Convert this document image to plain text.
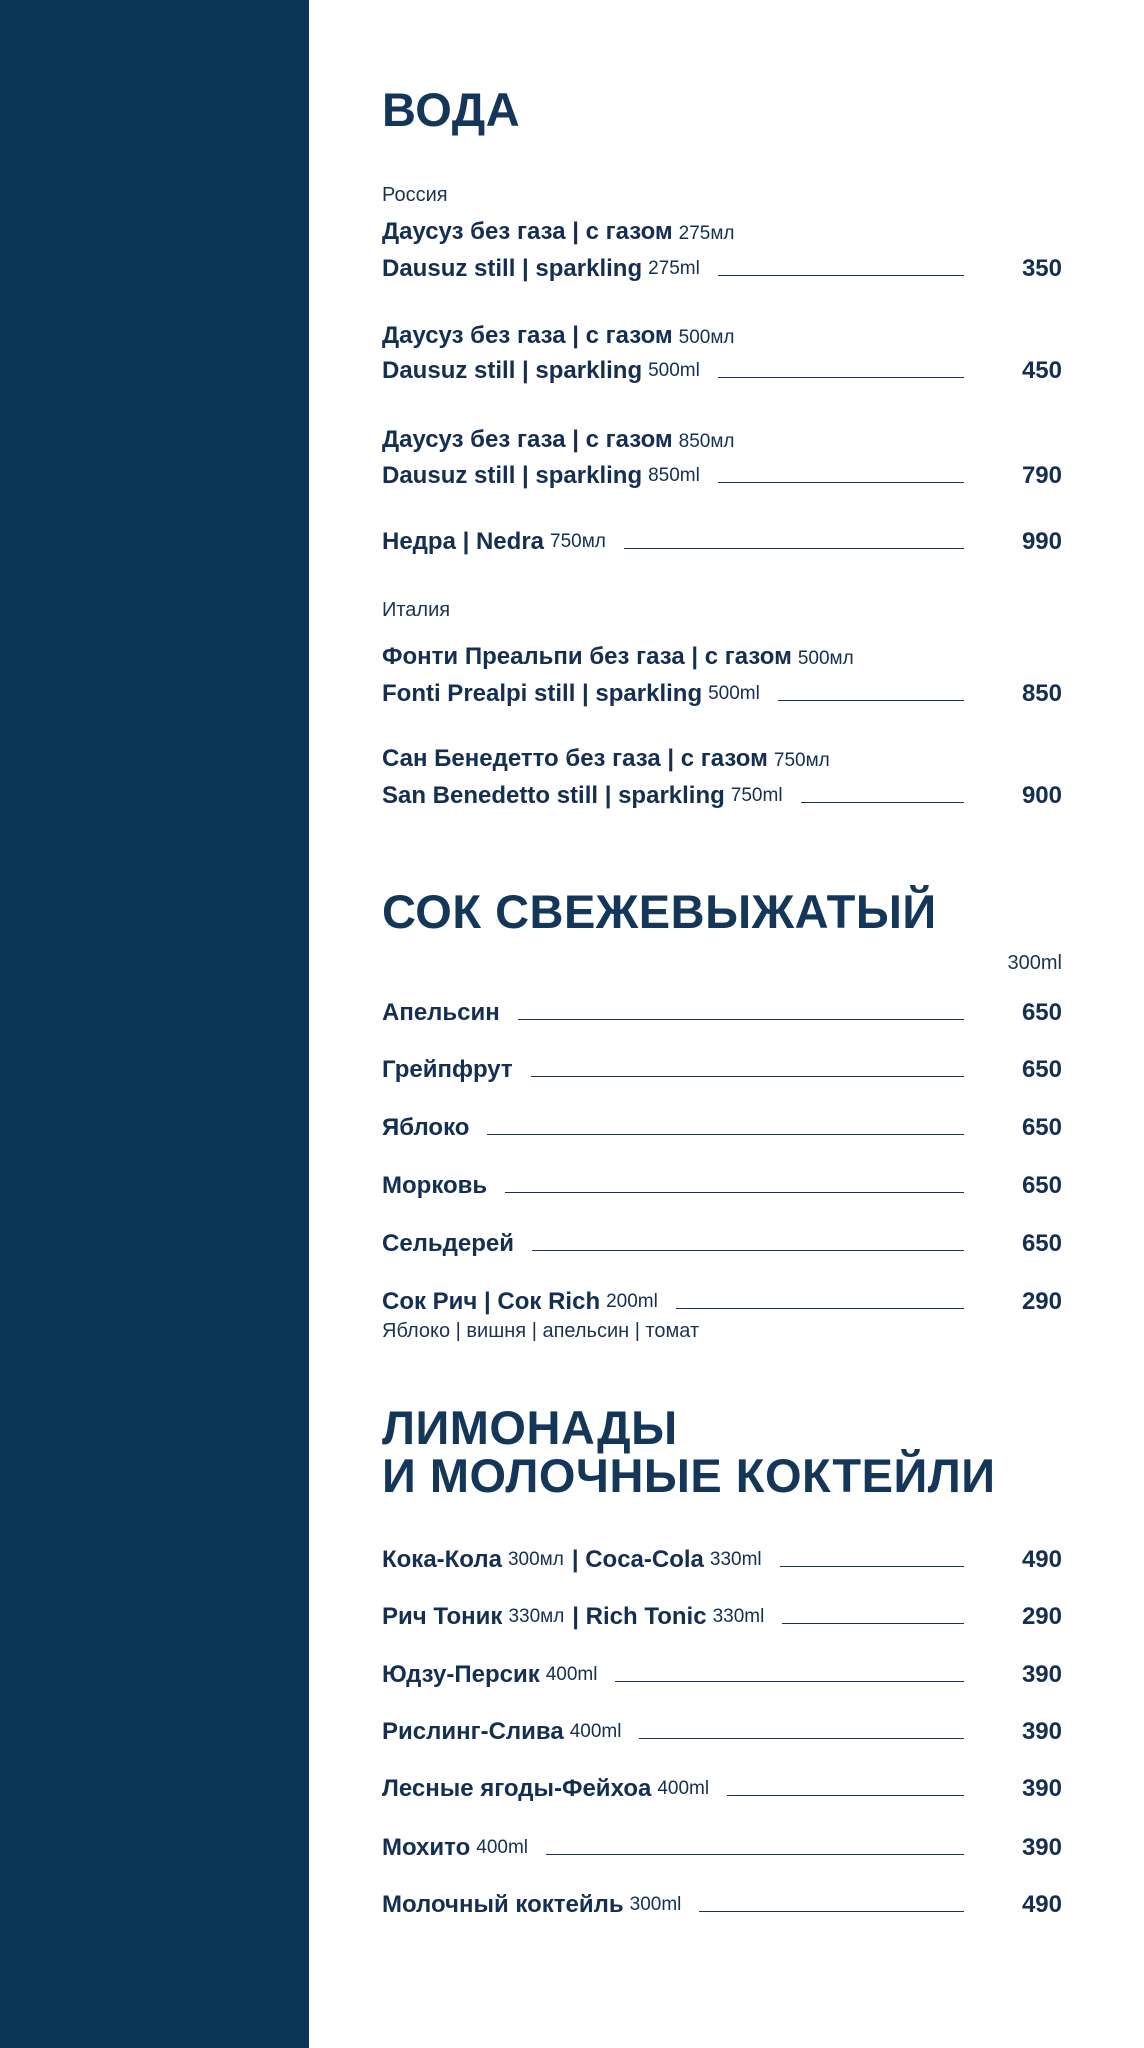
ВОДА
Россия
Даусуз без газа | с газом 275мл
Dausuz still | sparkling 275ml	350
Даусуз без газа | с газом 500мл
Dausuz still | sparkling 500ml	450
Даусуз без газа | с газом 850мл
Dausuz still | sparkling 850ml	790
Недра | Nedra 750мл	990
Италия
Фонти Преальпи без газа | с газом 500мл
Fonti Prealpi still | sparkling 500ml	850
Сан Бенедетто без газа | с газом 750мл
San Benedetto still | sparkling 750ml	900
СОК СВЕЖЕВЫЖАТЫЙ
300ml
Апельсин	650
Грейпфрут	650
Яблоко	650
Морковь	650
Сельдерей	650
Сок Рич | Сок Rich 200ml	290
Яблоко | вишня | апельсин | томат
ЛИМОНАДЫ
И МОЛОЧНЫЕ КОКТЕЙЛИ
Кока-Кола 300мл | Coca-Cola 330ml	490
Рич Тоник 330мл | Rich Tonic 330ml	290
Юдзу-Персик 400ml	390
Рислинг-Слива 400ml	390
Лесные ягоды-Фейхоа 400ml	390
Мохито 400ml	390
Молочный коктейль 300ml	490
